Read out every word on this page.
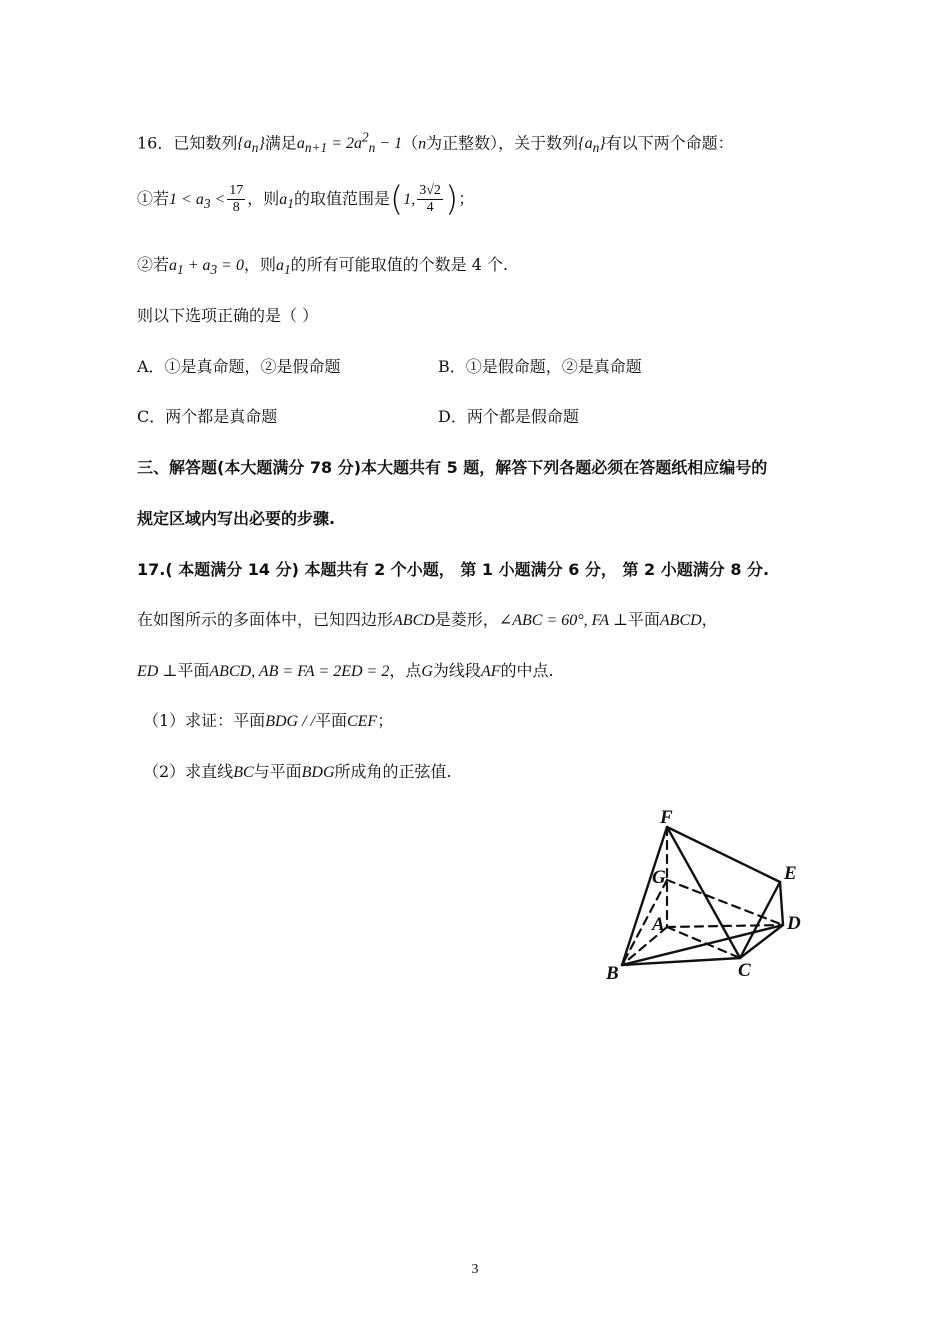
16．已知数列$\{a_n\}$满足$a_{n+1} = 2a^2_n - 1(n$为正整数），关于数列$\{a_n\}$有以下两个命题：
①若$1 < a_3 < \frac{17}{8}$ ，则$a_1$的取值范围是(1, $\frac{3√2}{4}$ )；
②若$a_1 + a_3 = 0$，则$a_1$的所有可能取值的个数是 4 个.
则以下选项正确的是（ ）
A．①是真命题，②是假命题	B．①是假命题，②是真命题
C．两个都是真命题	D．两个都是假命题
三、解答题(本大题满分 78 分)本大题共有 5 题，解答下列各题必须在答题纸相应编号的
规定区域内写出必要的步骤.
17.( 本题满分 14 分) 本题共有 2 个小题， 第 1 小题满分 6 分， 第 2 小题满分 8 分.
在如图所示的多面体中，已知四边形ABCD是菱形，∠ABC = 60°, FA ⊥平面ABCD，
ED ⊥平面ABCD, AB = FA = 2ED = 2，点G为线段AF的中点.
（1）求证：平面BDG / /平面CEF；
（2）求直线BC与平面BDG所成角的正弦值.
F
G
A
E
D
B	C
3
